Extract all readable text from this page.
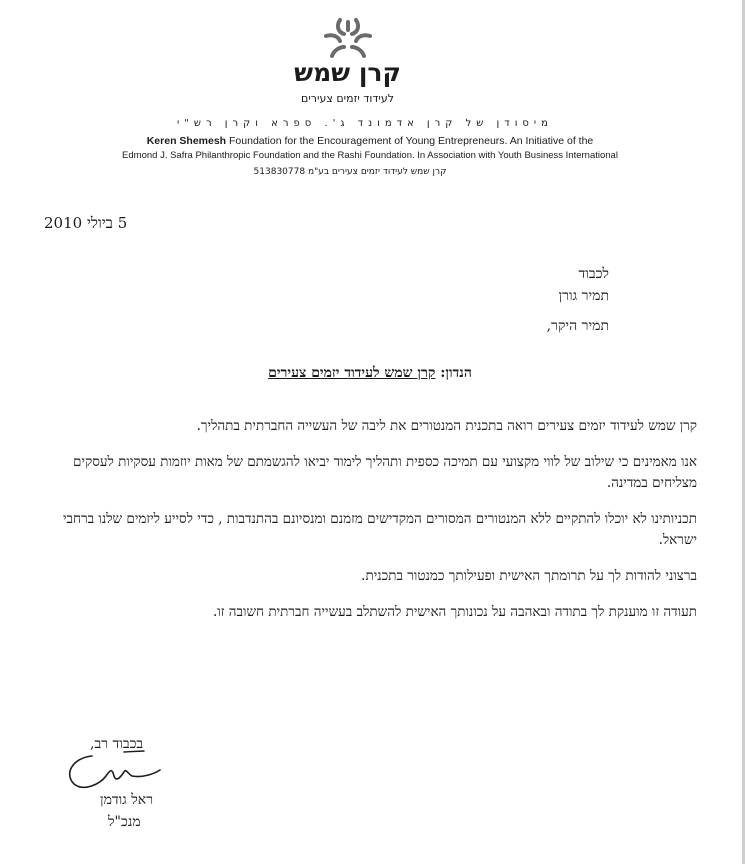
קרן שמש
לעידוד יזמים צעירים
מיסודן של קרן אדמונד ג'. ספרא וקרן רש"י
Keren Shemesh Foundation for the Encouragement of Young Entrepreneurs. An Initiative of the
Edmond J. Safra Philanthropic Foundation and the Rashi Foundation. In Association with Youth Business International
קרן שמש לעידוד יזמים צעירים בע"מ 513830778
5 ביולי 2010
לכבוד
תמיר גורן
תמיר היקר,
הנדון: קרן שמש לעידוד יזמים צעירים
קרן שמש לעידוד יזמים צעירים רואה בתכנית המנטורים את ליבה של העשייה החברתית בתהליך.
אנו מאמינים כי שילוב של לווי מקצועי עם תמיכה כספית ותהליך לימוד יביאו להגשמתם של מאות יוזמות עסקיות לעסקים מצליחים במדינה.
תכניותינו לא יוכלו להתקיים ללא המנטורים המסורים המקדישים מזמנם ומנסיונם בהתנדבות , כדי לסייע ליזמים שלנו ברחבי ישראל.
ברצוני להודות לך על תרומתך האישית ופעילותך כמנטור בתכנית.
תעודה זו מוענקת לך בתודה ובאהבה על נכונותך האישית להשתלב בעשייה חברתית חשובה זו.
בכבוד רב,
ראל גודמן
מנכ"ל
